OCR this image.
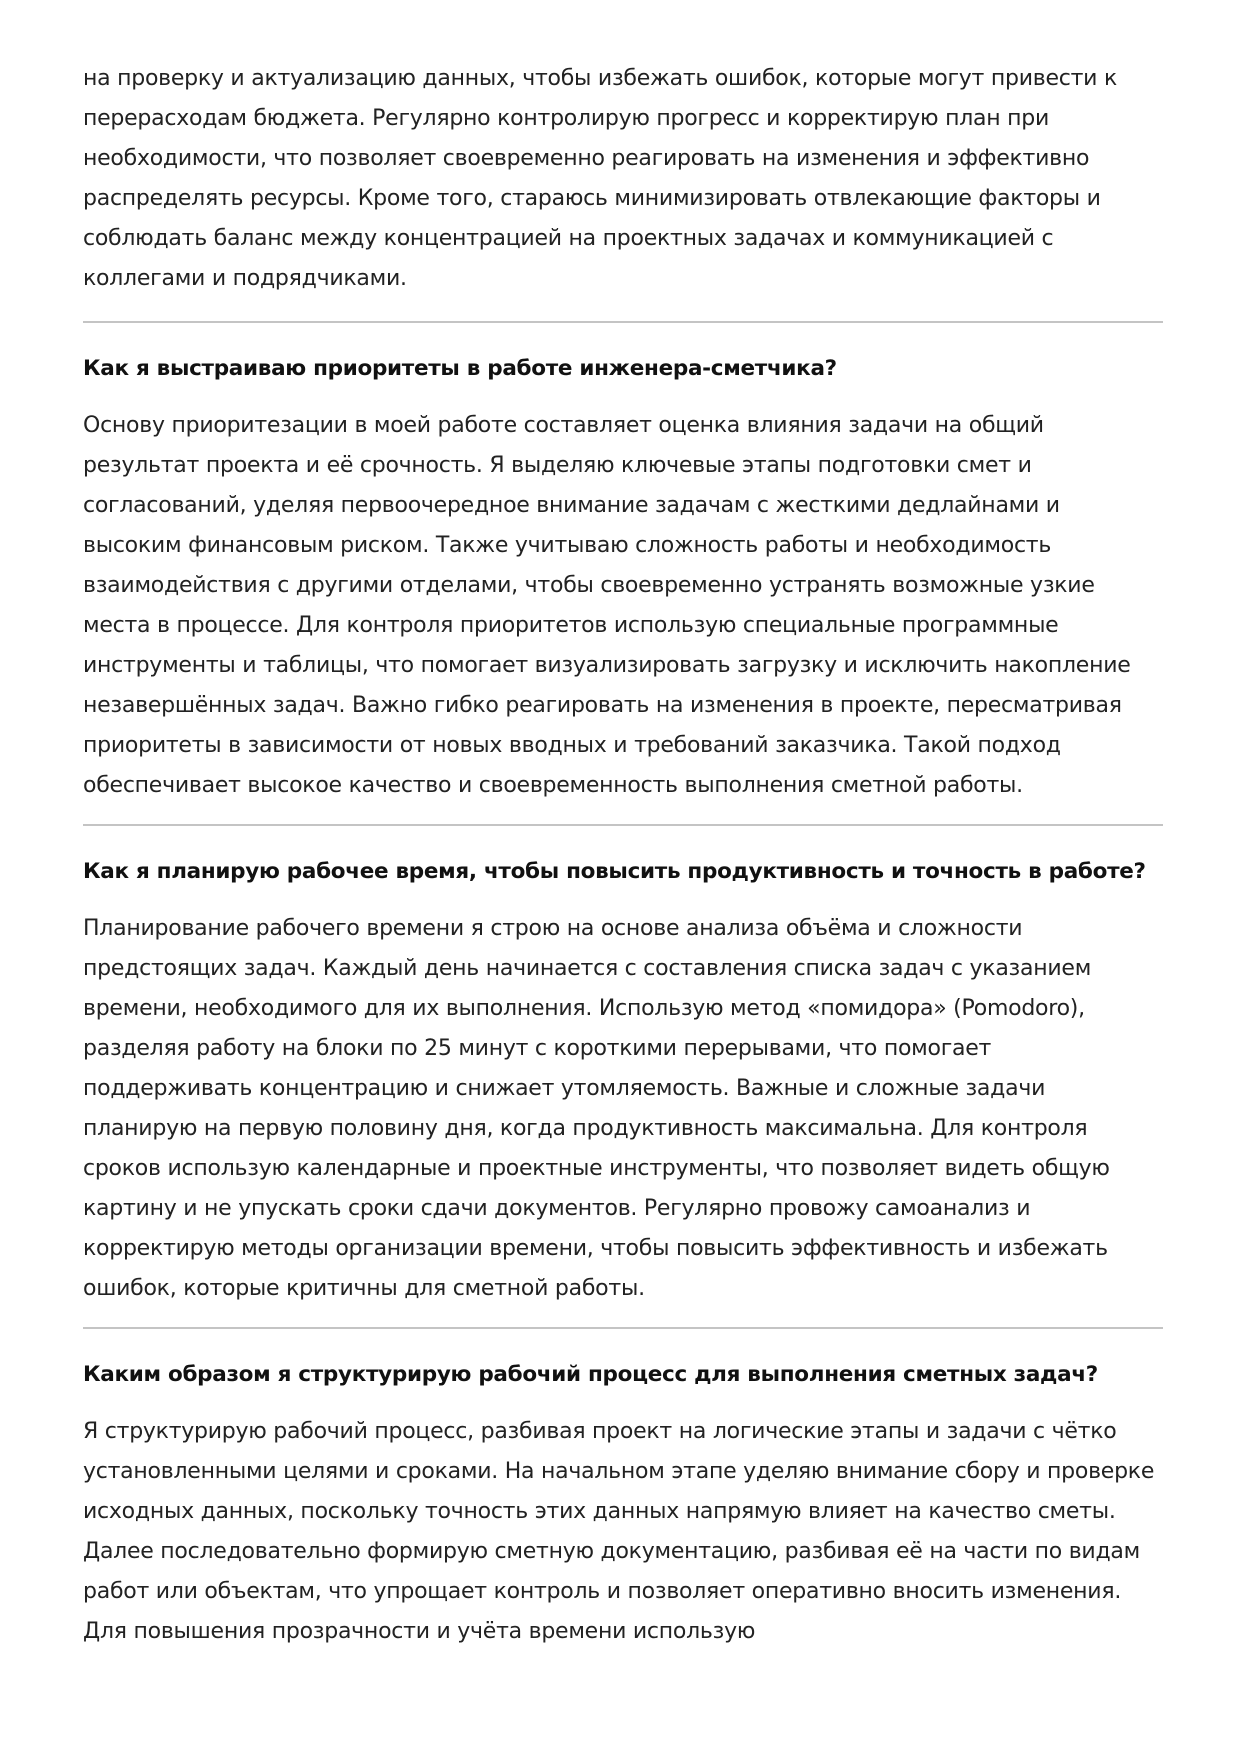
на проверку и актуализацию данных, чтобы избежать ошибок, которые могут привести к перерасходам бюджета. Регулярно контролирую прогресс и корректирую план при необходимости, что позволяет своевременно реагировать на изменения и эффективно распределять ресурсы. Кроме того, стараюсь минимизировать отвлекающие факторы и соблюдать баланс между концентрацией на проектных задачах и коммуникацией с коллегами и подрядчиками.

Как я выстраиваю приоритеты в работе инженера-сметчика?

Основу приоритезации в моей работе составляет оценка влияния задачи на общий результат проекта и её срочность. Я выделяю ключевые этапы подготовки смет и согласований, уделяя первоочередное внимание задачам с жесткими дедлайнами и высоким финансовым риском. Также учитываю сложность работы и необходимость взаимодействия с другими отделами, чтобы своевременно устранять возможные узкие места в процессе. Для контроля приоритетов использую специальные программные инструменты и таблицы, что помогает визуализировать загрузку и исключить накопление незавершённых задач. Важно гибко реагировать на изменения в проекте, пересматривая приоритеты в зависимости от новых вводных и требований заказчика. Такой подход обеспечивает высокое качество и своевременность выполнения сметной работы.

Как я планирую рабочее время, чтобы повысить продуктивность и точность в работе?

Планирование рабочего времени я строю на основе анализа объёма и сложности предстоящих задач. Каждый день начинается с составления списка задач с указанием времени, необходимого для их выполнения. Использую метод «помидора» (Pomodoro), разделяя работу на блоки по 25 минут с короткими перерывами, что помогает поддерживать концентрацию и снижает утомляемость. Важные и сложные задачи планирую на первую половину дня, когда продуктивность максимальна. Для контроля сроков использую календарные и проектные инструменты, что позволяет видеть общую картину и не упускать сроки сдачи документов. Регулярно провожу самоанализ и корректирую методы организации времени, чтобы повысить эффективность и избежать ошибок, которые критичны для сметной работы.

Каким образом я структурирую рабочий процесс для выполнения сметных задач?

Я структурирую рабочий процесс, разбивая проект на логические этапы и задачи с чётко установленными целями и сроками. На начальном этапе уделяю внимание сбору и проверке исходных данных, поскольку точность этих данных напрямую влияет на качество сметы. Далее последовательно формирую сметную документацию, разбивая её на части по видам работ или объектам, что упрощает контроль и позволяет оперативно вносить изменения. Для повышения прозрачности и учёта времени использую
